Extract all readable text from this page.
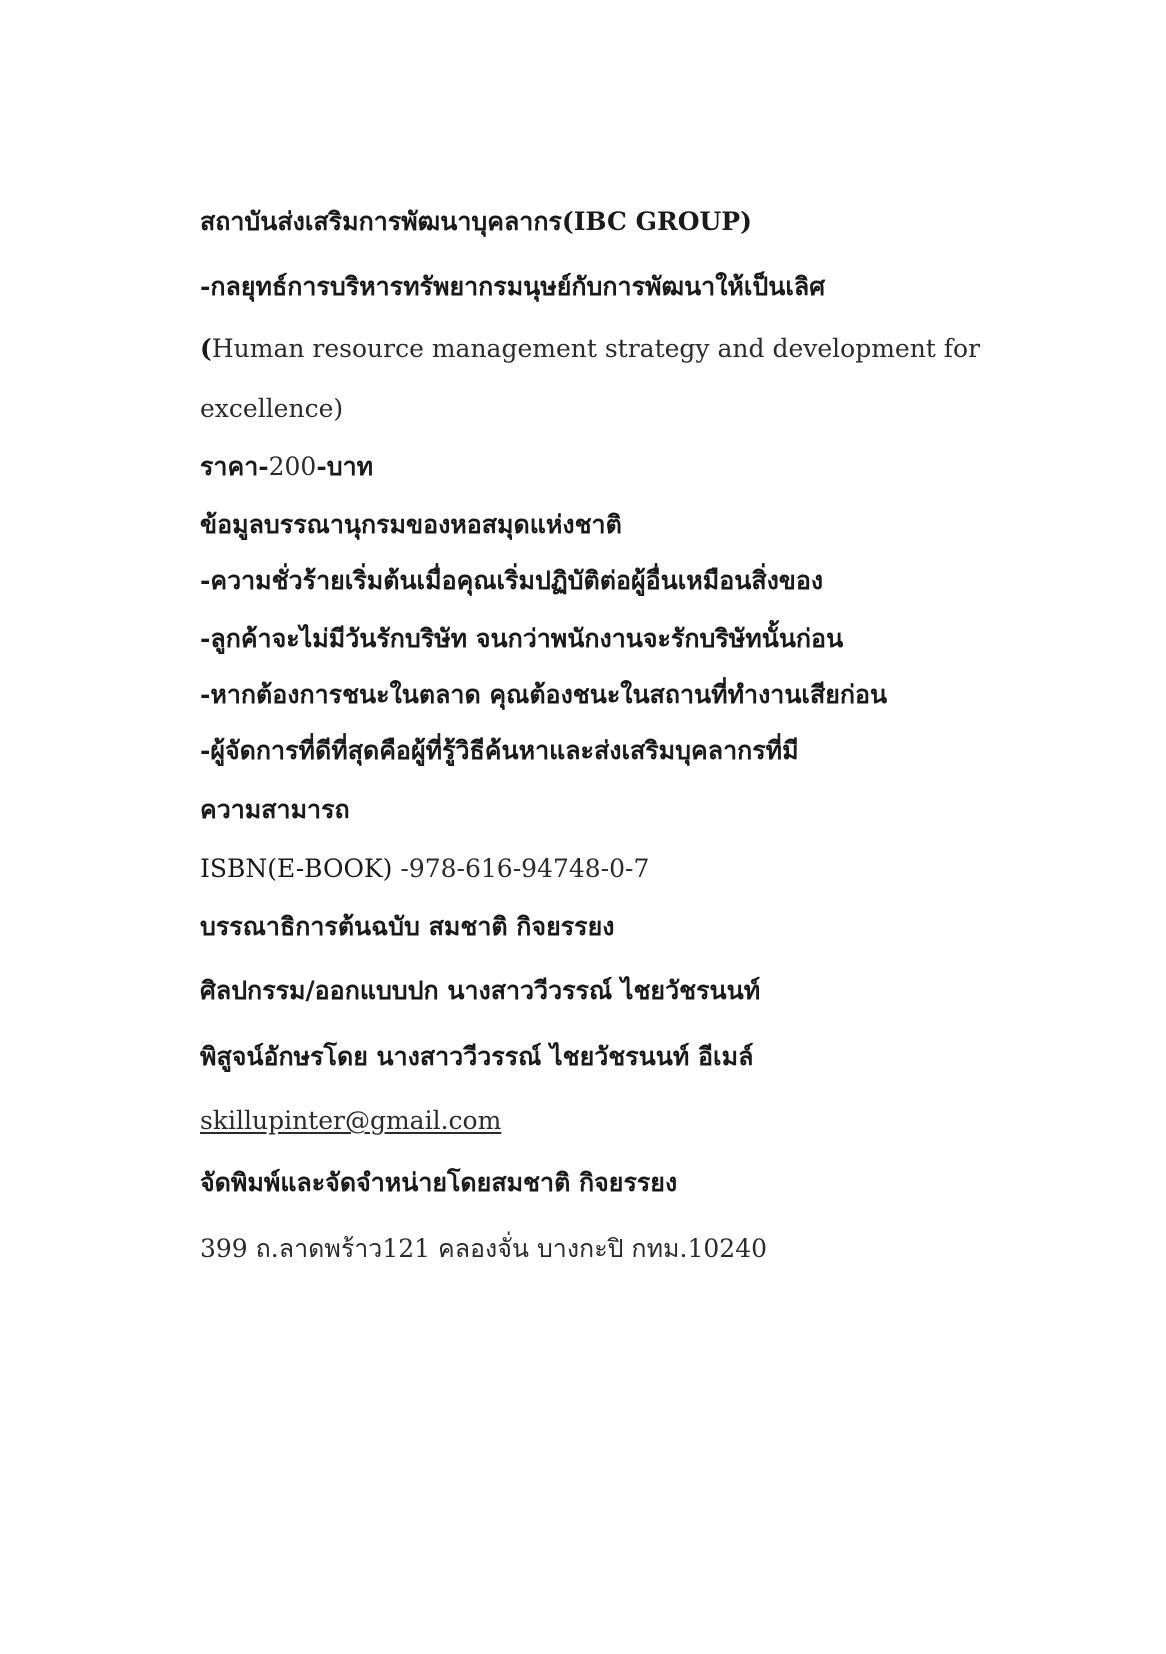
สถาบันส่งเสริมการพัฒนาบุคลากร(IBC GROUP)
-กลยุทธ์การบริหารทรัพยากรมนุษย์กับการพัฒนาให้เป็นเลิศ
(Human resource management strategy and development for
excellence)
ราคา-200-บาท
ข้อมูลบรรณานุกรมของหอสมุดแห่งชาติ
-ความชั่วร้ายเริ่มต้นเมื่อคุณเริ่มปฏิบัติต่อผู้อื่นเหมือนสิ่งของ
-ลูกค้าจะไม่มีวันรักบริษัท จนกว่าพนักงานจะรักบริษัทนั้นก่อน
-หากต้องการชนะในตลาด คุณต้องชนะในสถานที่ทำงานเสียก่อน
-ผู้จัดการที่ดีที่สุดคือผู้ที่รู้วิธีค้นหาและส่งเสริมบุคลากรที่มี
ความสามารถ
ISBN(E-BOOK) -978-616-94748-0-7
บรรณาธิการต้นฉบับ สมชาติ กิจยรรยง
ศิลปกรรม/ออกแบบปก นางสาววีวรรณ์ ไชยวัชรนนท์
พิสูจน์อักษรโดย นางสาววีวรรณ์ ไชยวัชรนนท์ อีเมล์
skillupinter@gmail.com
จัดพิมพ์และจัดจำหน่ายโดยสมชาติ กิจยรรยง
399 ถ.ลาดพร้าว121 คลองจั่น บางกะปิ กทม.10240
